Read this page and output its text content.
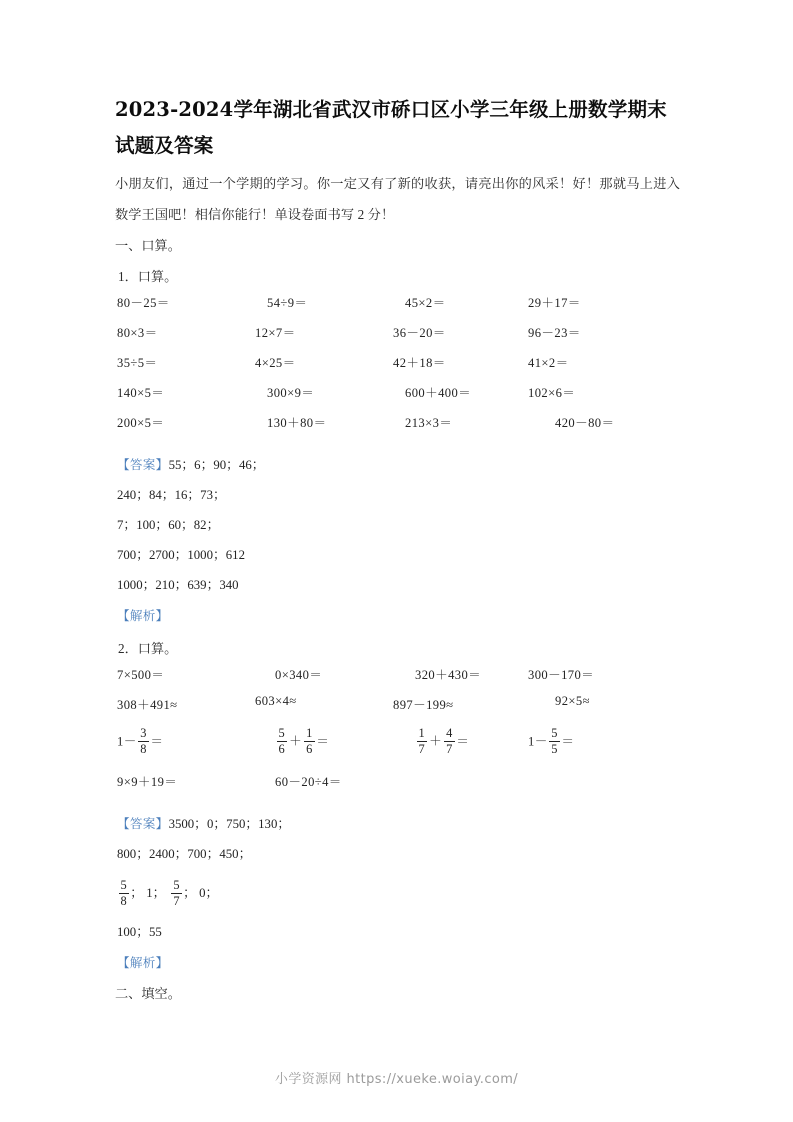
2023-2024学年湖北省武汉市硚口区小学三年级上册数学期末试题及答案

小朋友们，通过一个学期的学习。你一定又有了新的收获，请亮出你的风采！好！那就马上进入数学王国吧！相信你能行！单设卷面书写 2 分！

一、口算。

1．口算。

80－25＝	54÷9＝	45×2＝	29＋17＝
80×3＝	12×7＝	36－20＝	96－23＝
35÷5＝	4×25＝	42＋18＝	41×2＝
140×5＝	300×9＝	600＋400＝	102×6＝
200×5＝	130＋80＝	213×3＝	420－80＝
【答案】55；6；90；46；
240；84；16；73；
7；100；60；82；
700；2700；1000；612
1000；210；639；340
【解析】

2．口算。

7×500＝	0×340＝	320＋430＝	300－170＝
308＋491≈	603×4≈	897－199≈	92×5≈
$1- \frac{3}{8}$ ＝	$\frac{5}{6} + \frac{1}{6}$ ＝	$\frac{1}{7} + \frac{4}{7}$ ＝	$1- \frac{5}{5}$ ＝
9×9＋19＝	60－20÷4＝
【答案】3500；0；750；130；
800；2400；700；450；
$\frac{5}{8}$ ； 1； $\frac{5}{7}$ ； 0；
100；55
【解析】

二、填空。

小学资源网 https://xueke.woiay.com/
